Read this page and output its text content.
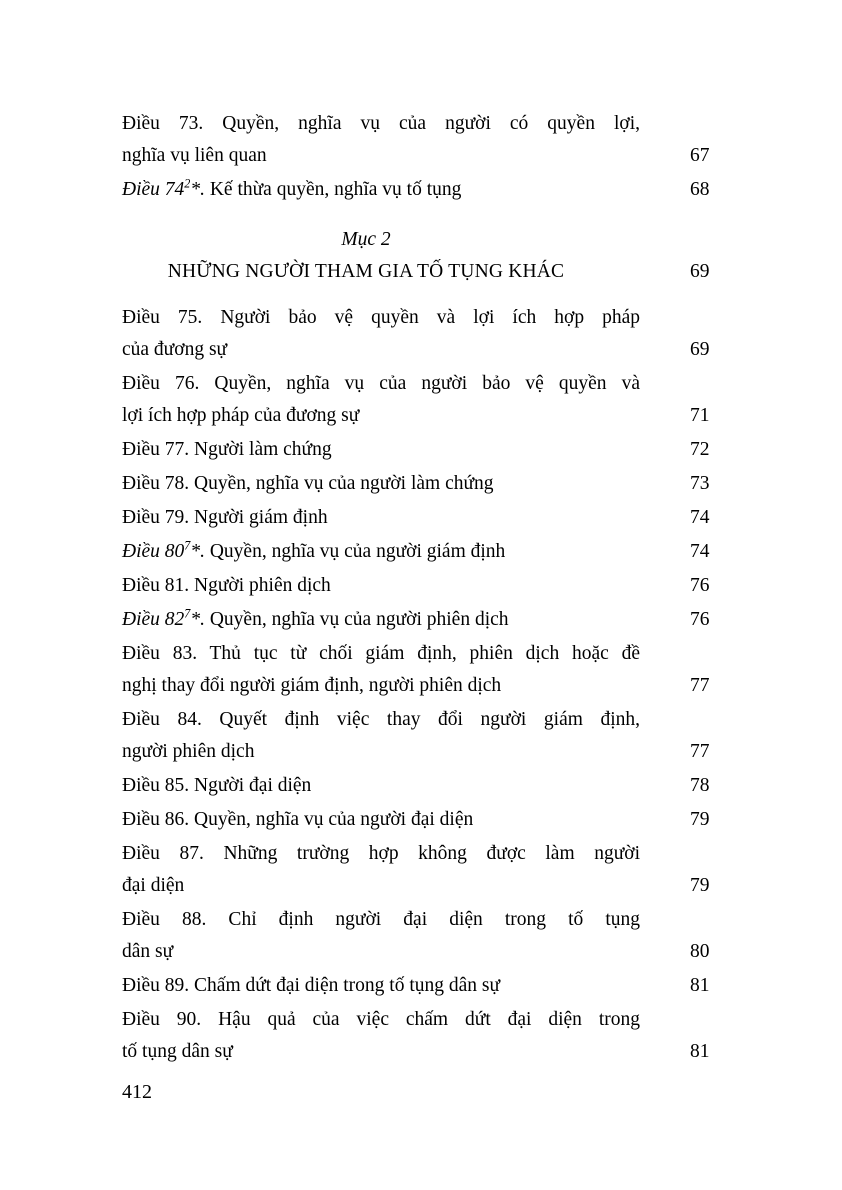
Điều 73. Quyền, nghĩa vụ của người có quyền lợi,
nghĩa vụ liên quan	67
Điều $74^2*$. Kế thừa quyền, nghĩa vụ tố tụng	68
Mục 2
NHỮNG NGƯỜI THAM GIA TỐ TỤNG KHÁC	69
Điều 75. Người bảo vệ quyền và lợi ích hợp pháp
của đương sự	69
Điều 76. Quyền, nghĩa vụ của người bảo vệ quyền và
lợi ích hợp pháp của đương sự	71
Điều 77. Người làm chứng	72
Điều 78. Quyền, nghĩa vụ của người làm chứng	73
Điều 79. Người giám định	74
Điều $80^7*$. Quyền, nghĩa vụ của người giám định	74
Điều 81. Người phiên dịch	76
Điều $82^7*$. Quyền, nghĩa vụ của người phiên dịch	76
Điều 83. Thủ tục từ chối giám định, phiên dịch hoặc đề
nghị thay đổi người giám định, người phiên dịch	77
Điều 84. Quyết định việc thay đổi người giám định,
người phiên dịch	77
Điều 85. Người đại diện	78
Điều 86. Quyền, nghĩa vụ của người đại diện	79
Điều 87. Những trường hợp không được làm người
đại diện	79
Điều 88. Chỉ định người đại diện trong tố tụng
dân sự	80
Điều 89. Chấm dứt đại diện trong tố tụng dân sự	81
Điều 90. Hậu quả của việc chấm dứt đại diện trong
tố tụng dân sự	81
412
